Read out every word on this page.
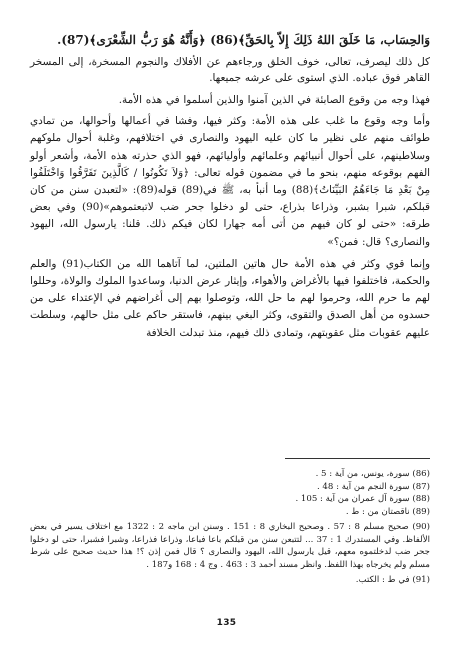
وَالحِسَاب، مَا خَلَقَ اللهُ ذَلِكَ إِلاّ بِالحَقِّ﴾(86) ﴿وَأَنَّهُ هُوَ رَبُّ الشِّعْرَى﴾(87).

كل ذلك ليصرف، تعالى، خوف الخلق ورجاءهم عن الأفلاك والنجوم المسخرة، إلى المسخر القاهر فوق عباده. الذي استوى على عرشه جميعها.

فهذا وجه من وقوع الصابئة في الذين آمنوا والذين أسلموا في هذه الأمة.

وأما وجه وقوع ما غلب على هذه الأمة: وكثر فيها، وفشا في أعمالها وأحوالها، من تمادي طوائف منهم على نظير ما كان عليه اليهود والنصارى في اختلافهم، وغلبة أحوال ملوكهم وسلاطينهم، على أحوال أنبيائهم وعلمائهم وأوليائهم، فهو الذي حذرته هذه الأمة، وأشعر أولو الفهم بوقوعه منهم، بنحو ما في مضمون قوله تعالى: ﴿وَلاَ تَكُونُوا / كَالَّذِينَ تَفَرَّقُوا وَاخْتَلَفُوا مِنْ بَعْدِ مَا جَاءَهُمُ البَيِّنَاتُ﴾(88) وما أنبأ به، ﷺ في(89) قوله(89): «لتعبدن سنن من كان قبلكم، شبرا بشبر، وذراعا بذراع، حتى لو دخلوا جحر ضب لاتبعتموهم»(90) وفي بعض طرقه: «حتى لو كان فيهم من أتى أمه جهارا لكان فيكم ذلك. قلنا: يارسول الله، اليهود والنصارى؟ قال: فمن؟»

وإنما قوي وكثر في هذه الأمة حال هاتين الملتين، لما آتاهما الله من الكتاب(91) والعلم والحكمة، فاختلفوا فيها بالأغراض والأهواء، وإيثار عرض الدنيا، وساعدوا الملوك والولاة، وحللوا لهم ما حرم الله، وحرموا لهم ما حل الله، وتوصلوا بهم إلى أغراضهم في الإعتداء على من حسدوه من أهل الصدق والتقوى، وكثر البغي بينهم، فاستقر حاكم على مثل حالهم، وسلطت عليهم عقوبات مثل عقوبتهم، وتمادى ذلك فيهم، منذ تبدلت الخلافة

(86) سورة، يونس، من آية : 5 .
(87) سورة النجم من آية : 48 .
(88) سورة آل عمران من آية : 105 .
(89) ناقصتان من : ط .
(90) صحيح مسلم 8 : 57 . وصحيح البخاري 8 : 151 . وسنن ابن ماجه 2 : 1322 مع اختلاف يسير في بعض الألفاظ. وفي المستدرك 1 : 37 ... لتتبعن سنن من قبلكم باعا فباعا، وذراعا فذراعا، وشبرا فشبرا، حتى لو دخلوا جحر ضب لدخلتموه معهم، قيل يارسول الله، اليهود والنصارى ؟ قال فمن إذن ؟! هذا حديث صحيح على شرط مسلم ولم يخرجاه بهذا اللفظ. وانظر مسند أحمد 3 : 463 . وج 4 : 168 و187 .
(91) في ط : الكتب.
135
